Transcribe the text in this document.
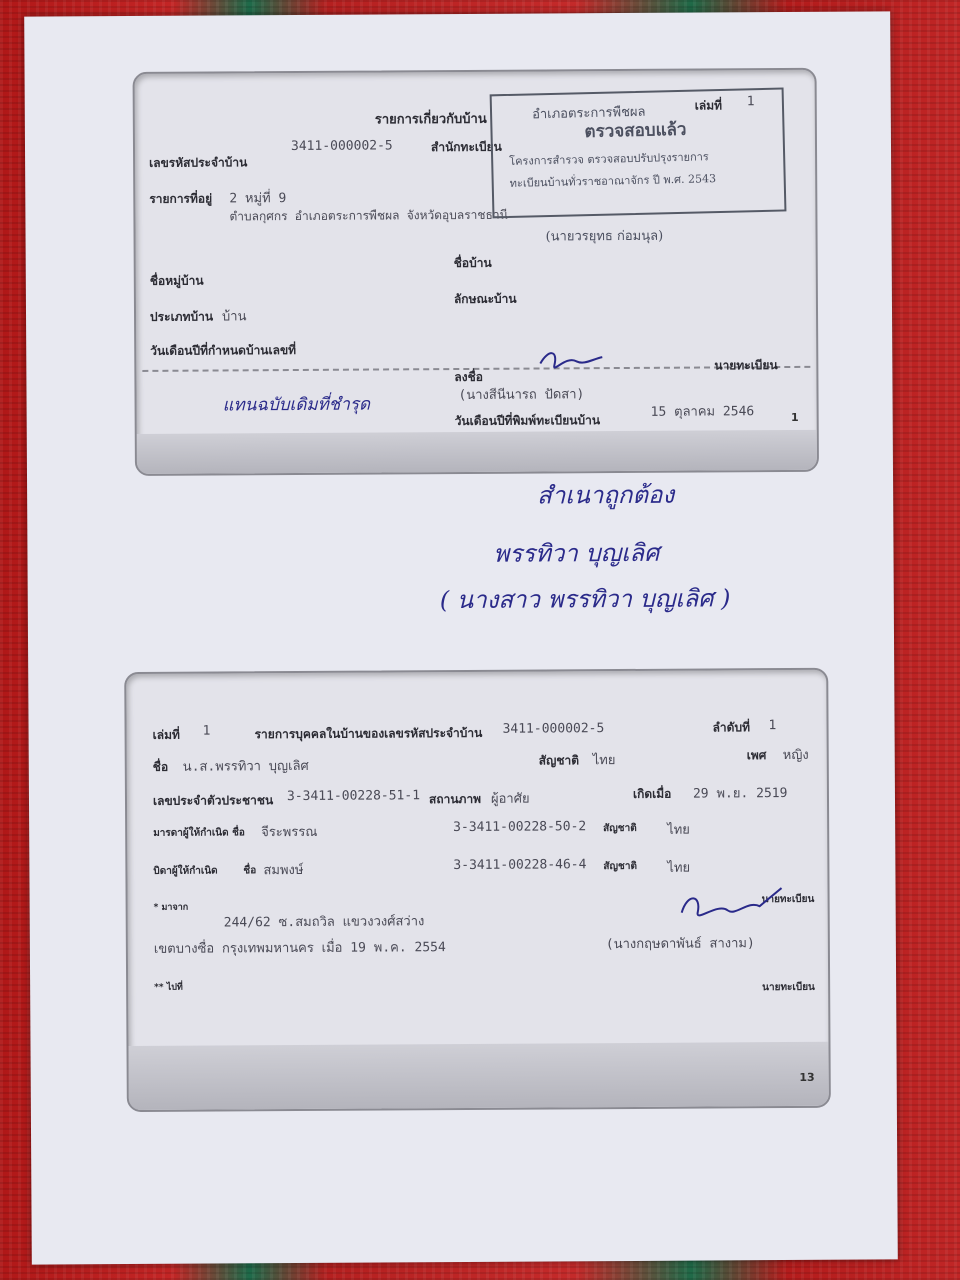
รายการเกี่ยวกับบ้าน
เล่มที่ 1
เลขรหัสประจำบ้าน
3411-000002-5	สำนักทะเบียน
รายการที่อยู่ 2 หมู่ที่ 9
ตำบลกุศกร อำเภอตระการพืชผล จังหวัดอุบลราชธานี
ชื่อหมู่บ้าน
ชื่อบ้าน
ประเภทบ้าน บ้าน
ลักษณะบ้าน
วันเดือนปีที่กำหนดบ้านเลขที่
ลงชื่อ
นายทะเบียน
(นางสีนีนารถ ปัดสา)
วันเดือนปีที่พิมพ์ทะเบียนบ้าน
15 ตุลาคม 2546
แทนฉบับเดิมที่ชำรุด
อำเภอตระการพืชผล
ตรวจสอบแล้ว
โครงการสำรวจ ตรวจสอบปรับปรุงรายการ
ทะเบียนบ้านทั่วราชอาณาจักร ปี พ.ศ. 2543
(นายวรยุทธ ก่อมนุล)
1
สำเนาถูกต้อง
พรรทิวา บุญเลิศ
( นางสาว พรรทิวา บุญเลิศ )
เล่มที่ 1	รายการบุคคลในบ้านของเลขรหัสประจำบ้าน 3411-000002-5	ลำดับที่ 1
ชื่อ น.ส.พรรทิวา บุญเลิศ	สัญชาติ ไทย	เพศ หญิง
เลขประจำตัวประชาชน 3-3411-00228-51-1 สถานภาพ ผู้อาศัย	เกิดเมื่อ 29 พ.ย. 2519
มารดาผู้ให้กำเนิด ชื่อ จีระพรรณ	3-3411-00228-50-2 สัญชาติ ไทย
บิดาผู้ให้กำเนิด	ชื่อ สมพงษ์	3-3411-00228-46-4 สัญชาติ ไทย
* มาจาก
244/62 ซ.สมถวิล แขวงวงศ์สว่าง
เขตบางซื่อ กรุงเทพมหานคร เมื่อ 19 พ.ค. 2554
นายทะเบียน
(นางกฤษดาพันธ์ สางาม)
** ไปที่	นายทะเบียน
13
